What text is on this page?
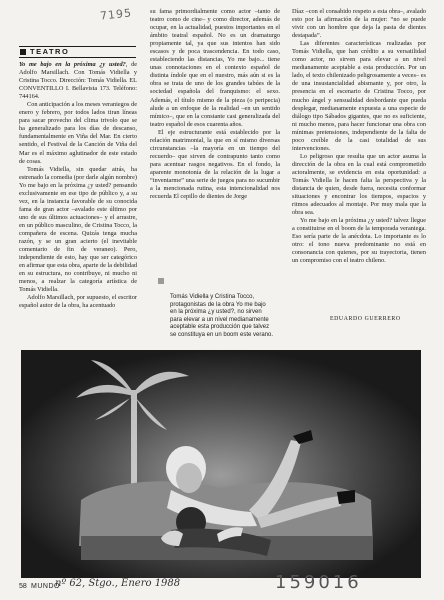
7195
TEATRO

Yo me bajo en la próxima ¿y usted?, de Adolfo Marsillach. Con Tomás Vidiella y Cristina Tocco. Dirección: Tomás Vidiella. EL CONVENTILLO I. Bellavista 173. Teléfono: 744164.

Con anticipación a los meses veraniegos de enero y febrero, por todos lados tiran líneas para sacar provecho del clima trivolo que se ha generalizado para los días de descanso, fundamentalmente en Viña del Mar. En cierto sentido, el Festival de la Canción de Viña del Mar es el máximo aglutinador de este estado de cosas.

Tomás Vidiella, sin quedar atrás, ha estrenado la comedia (por darle algún nombre) Yo me bajo en la próxima ¿y usted? pensando exclusivamente en ese tipo de público y, a su vez, en la instancia favorable de su conocida fama de gran actor –avalado este último por uno de sus últimos actuaciones– y el arrastre, en un público masculino, de Cristina Tocco, la compañera de escena. Quizás tenga mucha razón, y se un gran acierto (el inevitable comentario de fin de veraneo). Pero, independiente de esto, hay que ser categórico en afirmar que esta obra, aparte de la debilidad en su estructura, no contribuye, ni mucho ni menos, a realzar la categoría artística de Tomás Vidiella.

Adolfo Marsillach, por supuesto, el escritor español autor de la obra, ha acentuado

su fama primordialmente como actor –tanto de teatro como de cine– y como director, además de ocupar, en la actualidad, puestos importantes en el ámbito teatral español. No es un dramaturgo propiamente tal, ya que sus intentos han sido escasos y de poca trascendencia. En todo caso, estableciendo las distancias, Yo me bajo... tiene unas connotaciones en el contexto español de distinta índole que en el nuestro, más aún si es la obra se trata de uno de los grandes tabúes de la sociedad española del franquismo: el sexo. Además, el título mismo de la pieza (o peripecia) alude a un enfoque de la realidad –en un sentido mímico–, que en la constante casi generalizada del teatro español de esos cuarenta años.

El eje estructurante está establecido por la relación matrimonial, la que en sí mismo diversas circunstancias –la mayoría en un tiempo del recuerdo– que sirven de contrapunto tanto como para acentuar rasgos negativos. En el fondo, la aparente monotonía de la relación de la lugar a “inventarme” una serie de juegos para no sucumbir a la mencionada rutina, esta intencionalidad nos recuerda El cepillo de dientes de Jorge

Díaz –con el consabido respeto a esta obra–, avalado esto por la afirmación de la mujer: “no se puede vivir con un hombre que deja la pasta de dientes destapada”.

Las diferentes características realizadas por Tomás Vidiella, que han crédito a su versatilidad como actor, no sirven para elevar a un nivel medianamente aceptable a esta producción. Por un lado, el texto chilenizado peligrosamente a veces– es de una insustancialidad abismante y, por otro, la presencia en el escenario de Cristina Tocco, por mucho ángel y sensualidad desbordante que pueda desplegar, medianamente expuesta a una especie de diálogo tipo Sábados gigantes, que no es suficiente, ni mucho menos, para hacer funcionar una obra con mínimas pretensiones, independiente de la falta de poco creíble de la casi totalidad de sus intervenciones.

Lo peligroso que resulta que un actor asuma la dirección de la obra en la cual está comprometido actoralmente, se evidencia en esta oportunidad: a Tomás Vidiella le hacen falta la perspectiva y la distancia de quien, desde fuera, necesita conformar situaciones y encontrar los tiempos, espacios y ritmos adecuados al montaje. Por muy mala que la obra sea.

Yo me bajo en la próxima ¿y usted? talvez llegue a constituirse en el boom de la temporada veraniega. Eso sería parte de la anécdota. Lo importante es lo otro: el tono nueva predominante no está en consonancia con quienes, por su trayectoria, tienen un compromiso con el teatro chileno.

EDUARDO GUERRERO
Tomás Vidiella y Cristina Tocco, protagonistas de la obra Yo me bajo en la próxima ¿y usted?, no sirven para elevar a un nivel medianamente aceptable esta producción que talvez se constituya en un boom este verano.
58 MUNDO
nº 62, Stgo., Enero 1988	159016
